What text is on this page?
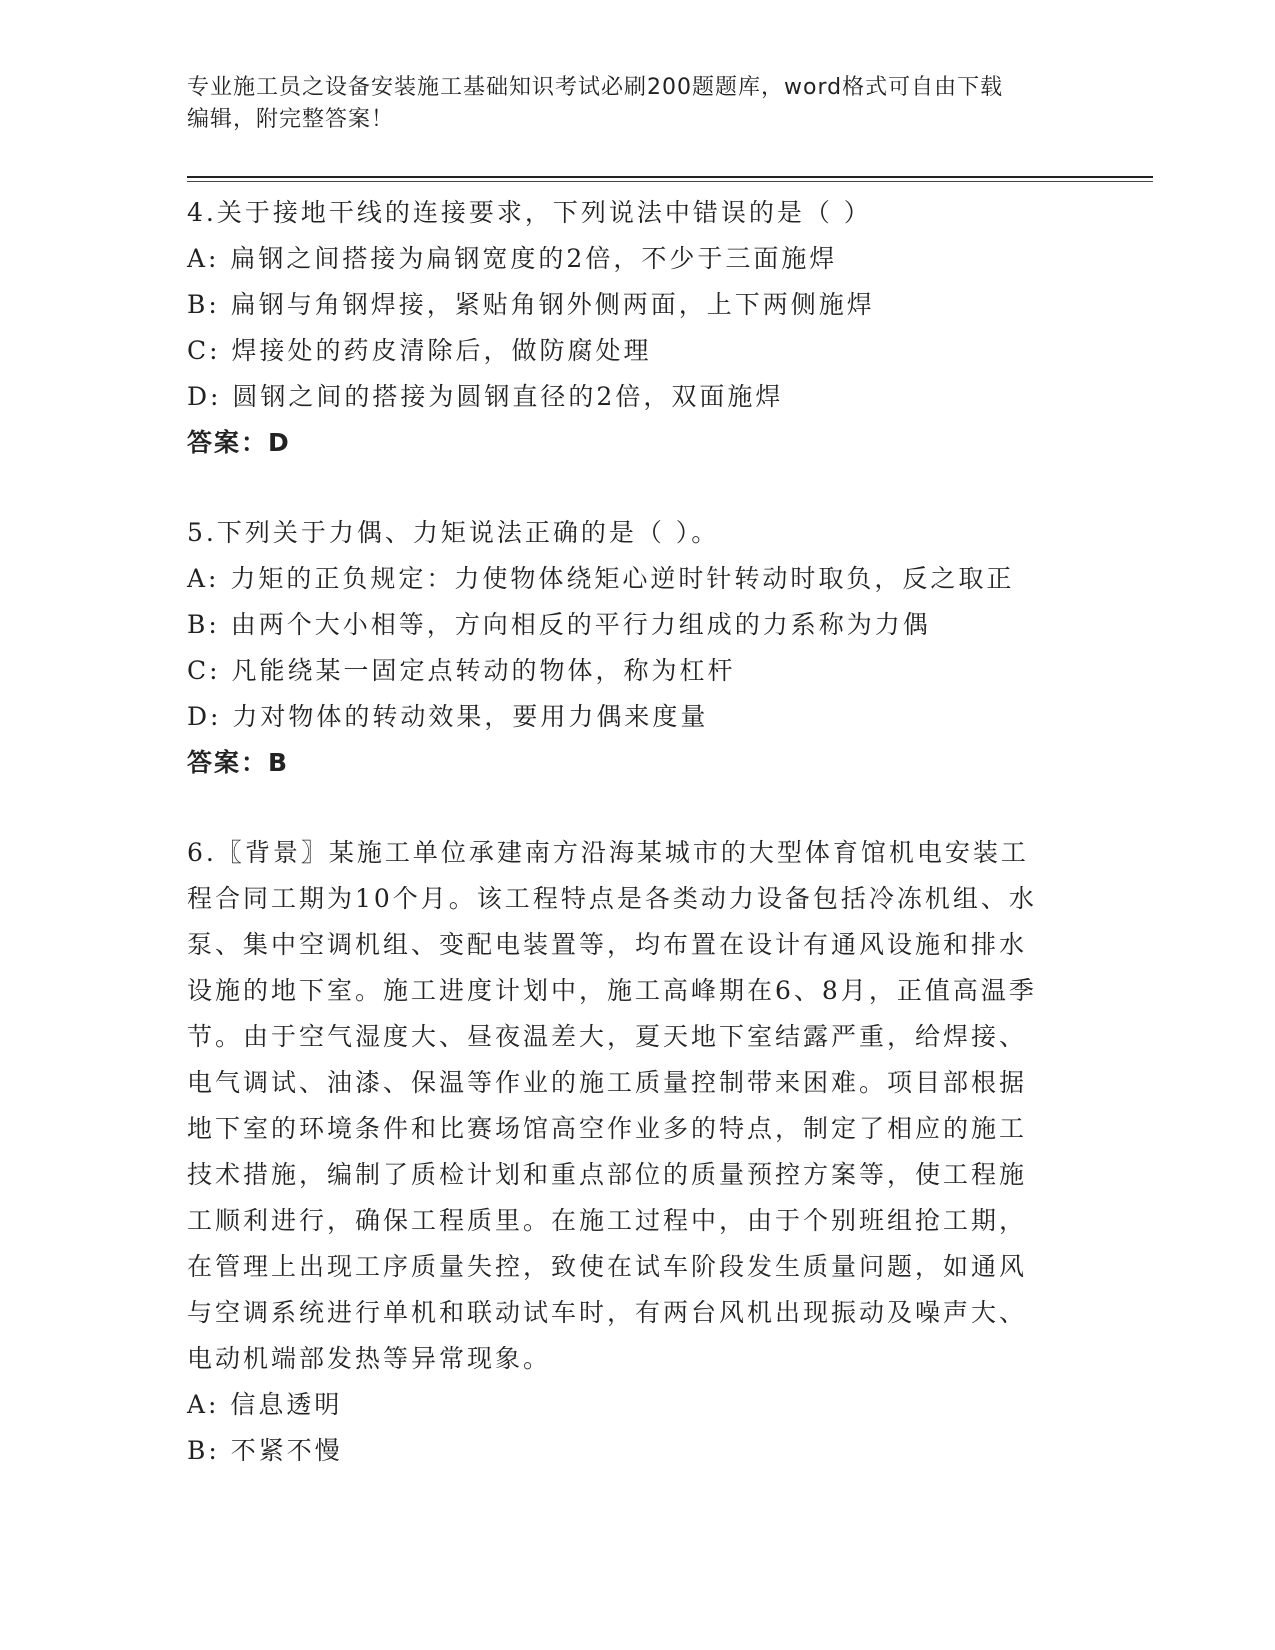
专业施工员之设备安装施工基础知识考试必刷200题题库，word格式可自由下载
编辑，附完整答案！
4.关于接地干线的连接要求，下列说法中错误的是（ ）
A: 扁钢之间搭接为扁钢宽度的2倍，不少于三面施焊
B: 扁钢与角钢焊接，紧贴角钢外侧两面，上下两侧施焊
C: 焊接处的药皮清除后，做防腐处理
D: 圆钢之间的搭接为圆钢直径的2倍，双面施焊
答案：D
5.下列关于力偶、力矩说法正确的是（ ）。
A: 力矩的正负规定：力使物体绕矩心逆时针转动时取负，反之取正
B: 由两个大小相等，方向相反的平行力组成的力系称为力偶
C: 凡能绕某一固定点转动的物体，称为杠杆
D: 力对物体的转动效果，要用力偶来度量
答案：B
6.〖背景〗某施工单位承建南方沿海某城市的大型体育馆机电安装工
程合同工期为10个月。该工程特点是各类动力设备包括冷冻机组、水
泵、集中空调机组、变配电装置等，均布置在设计有通风设施和排水
设施的地下室。施工进度计划中，施工高峰期在6、8月，正值高温季
节。由于空气湿度大、昼夜温差大，夏天地下室结露严重，给焊接、
电气调试、油漆、保温等作业的施工质量控制带来困难。项目部根据
地下室的环境条件和比赛场馆高空作业多的特点，制定了相应的施工
技术措施，编制了质检计划和重点部位的质量预控方案等，使工程施
工顺利进行，确保工程质里。在施工过程中，由于个别班组抢工期，
在管理上出现工序质量失控，致使在试车阶段发生质量问题，如通风
与空调系统进行单机和联动试车时，有两台风机出现振动及噪声大、
电动机端部发热等异常现象。
A: 信息透明
B: 不紧不慢
